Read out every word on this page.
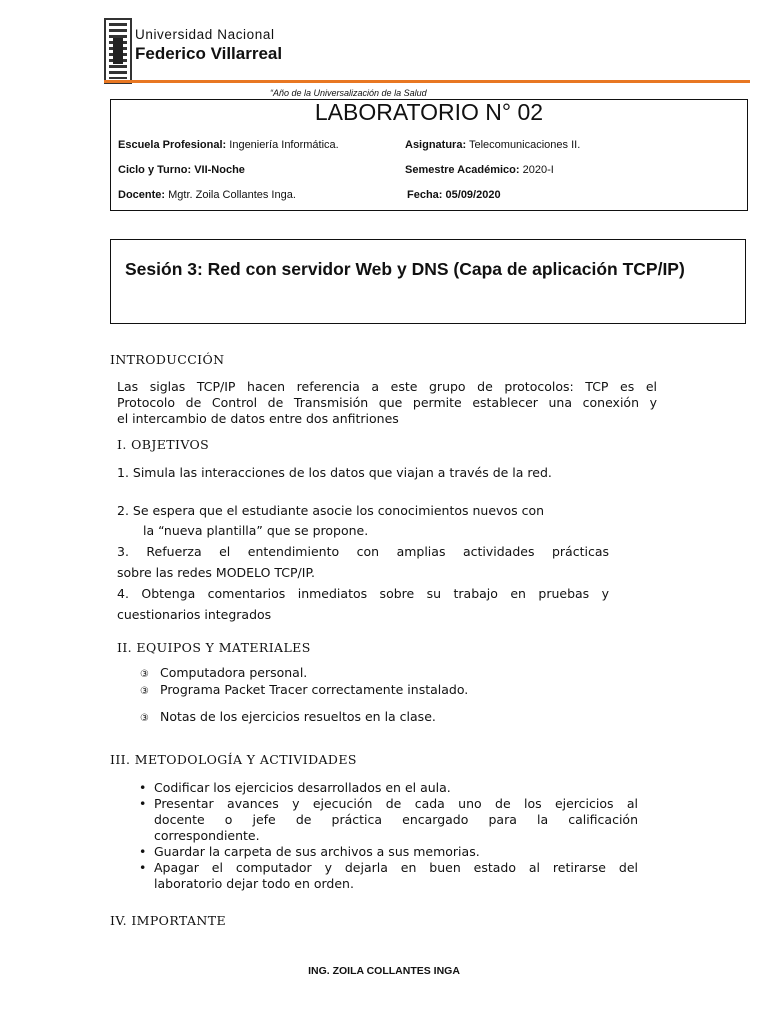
Universidad Nacional
Federico Villarreal
“Año de la Universalización de la Salud
LABORATORIO N° 02
Escuela Profesional: Ingeniería Informática.	Asignatura: Telecomunicaciones II.
Ciclo y Turno: VII-Noche	Semestre Académico: 2020-I
Docente: Mgtr. Zoila Collantes Inga.	Fecha: 05/09/2020
Sesión 3: Red con servidor Web y DNS (Capa de aplicación TCP/IP)
INTRODUCCIÓN
Las siglas TCP/IP hacen referencia a este grupo de protocolos: TCP es el
Protocolo de Control de Transmisión que permite establecer una conexión y
el intercambio de datos entre dos anfitriones
I. OBJETIVOS
1. Simula las interacciones de los datos que viajan a través de la red.
2. Se espera que el estudiante asocie los conocimientos nuevos con
la “nueva plantilla” que se propone.
3. Refuerza el entendimiento con amplias actividades prácticas
sobre las redes MODELO TCP/IP.
4. Obtenga comentarios inmediatos sobre su trabajo en pruebas y
cuestionarios integrados
II. EQUIPOS Y MATERIALES
③ Computadora personal.
③ Programa Packet Tracer correctamente instalado.
③ Notas de los ejercicios resueltos en la clase.
III. METODOLOGÍA Y ACTIVIDADES
• Codificar los ejercicios desarrollados en el aula.
• Presentar avances y ejecución de cada uno de los ejercicios al
docente o jefe de práctica encargado para la calificación
correspondiente.
• Guardar la carpeta de sus archivos a sus memorias.
• Apagar el computador y dejarla en buen estado al retirarse del
laboratorio dejar todo en orden.
IV. IMPORTANTE
ING. ZOILA COLLANTES INGA
